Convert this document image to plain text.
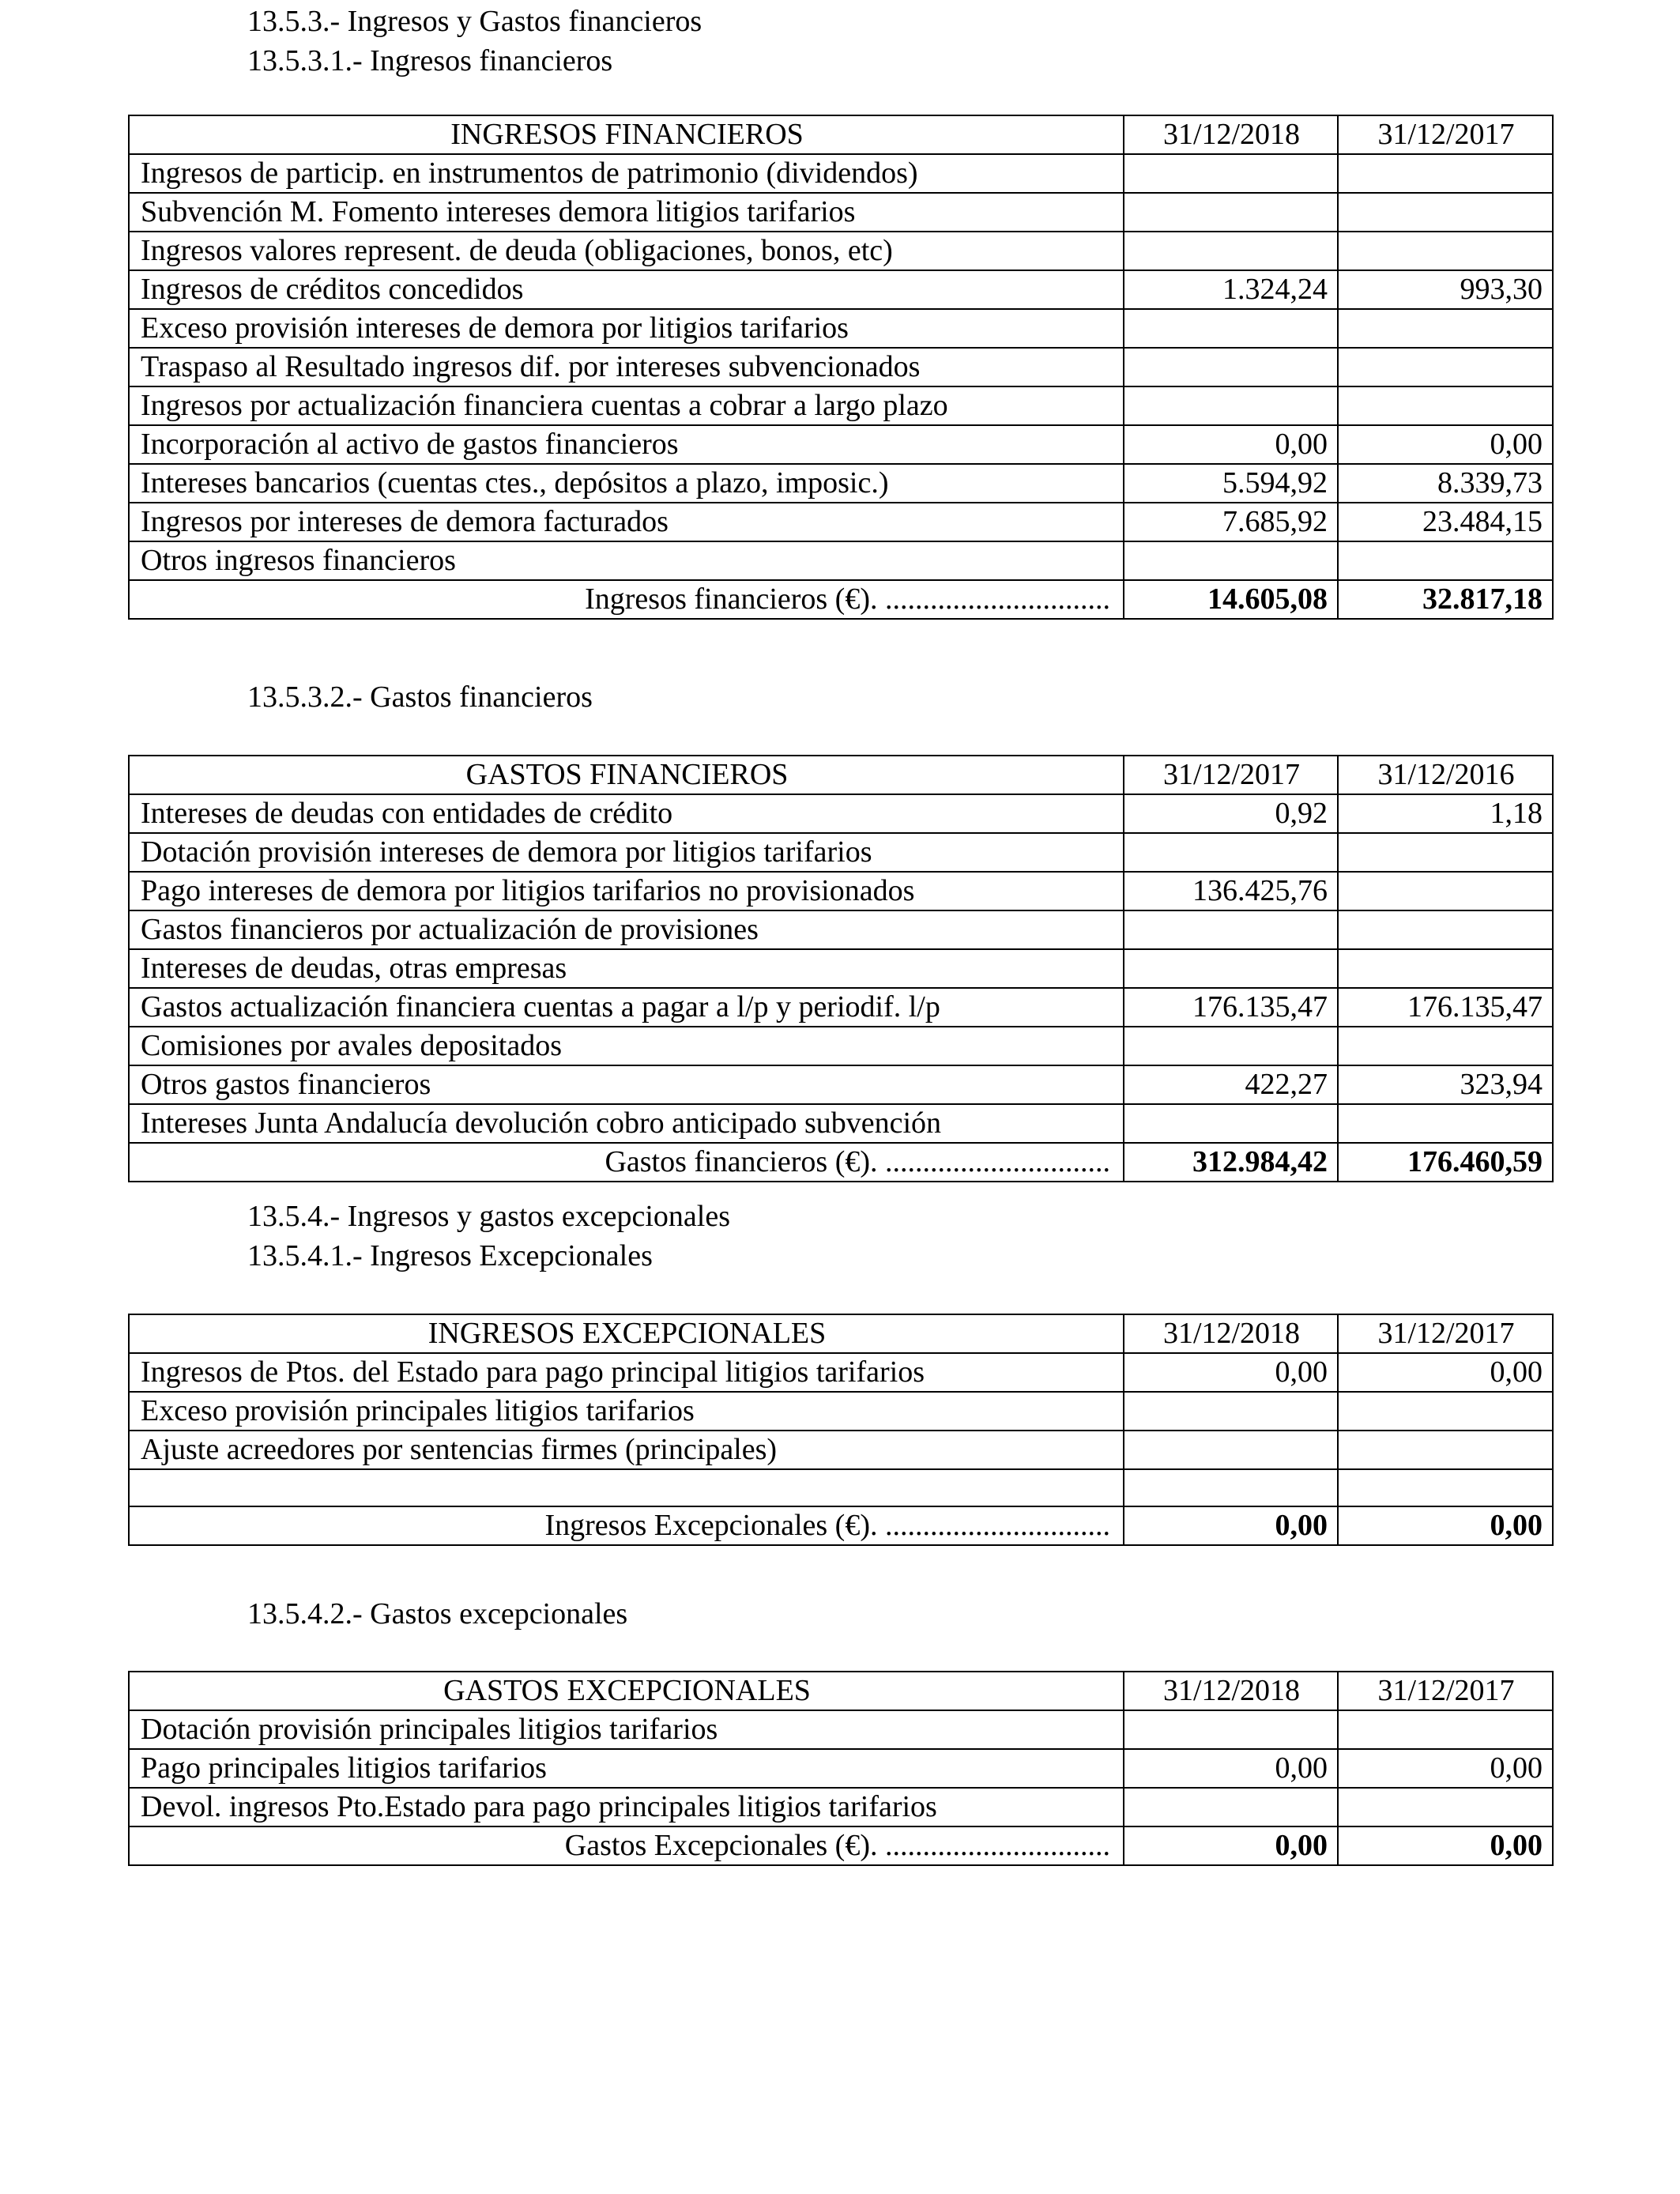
13.5.3.- Ingresos y Gastos financieros
13.5.3.1.- Ingresos financieros
INGRESOS FINANCIEROS	31/12/2018	31/12/2017
Ingresos de particip. en instrumentos de patrimonio (dividendos)		
Subvención M. Fomento intereses demora litigios tarifarios		
Ingresos valores represent. de deuda (obligaciones, bonos, etc)		
Ingresos de créditos concedidos	1.324,24	993,30
Exceso provisión intereses de demora por litigios tarifarios		
Traspaso al Resultado ingresos dif. por intereses subvencionados		
Ingresos por actualización financiera cuentas a cobrar a largo plazo		
Incorporación al activo de gastos financieros	0,00	0,00
Intereses bancarios (cuentas ctes., depósitos a plazo, imposic.)	5.594,92	8.339,73
Ingresos por intereses de demora facturados	7.685,92	23.484,15
Otros ingresos financieros		
Ingresos financieros (€). ..............................	14.605,08	32.817,18
13.5.3.2.- Gastos financieros
GASTOS FINANCIEROS	31/12/2017	31/12/2016
Intereses de deudas con entidades de crédito	0,92	1,18
Dotación provisión intereses de demora por litigios tarifarios		
Pago intereses de demora por litigios tarifarios no provisionados	136.425,76	
Gastos financieros por actualización de provisiones		
Intereses de deudas, otras empresas		
Gastos actualización financiera cuentas a pagar a l/p y periodif. l/p	176.135,47	176.135,47
Comisiones por avales depositados		
Otros gastos financieros	422,27	323,94
Intereses Junta Andalucía devolución cobro anticipado subvención		
Gastos financieros (€). ..............................	312.984,42	176.460,59
13.5.4.- Ingresos y gastos excepcionales
13.5.4.1.- Ingresos Excepcionales
INGRESOS EXCEPCIONALES	31/12/2018	31/12/2017
Ingresos de Ptos. del Estado para pago principal litigios tarifarios	0,00	0,00
Exceso provisión principales litigios tarifarios		
Ajuste acreedores por sentencias firmes (principales)		

Ingresos Excepcionales (€). ..............................	0,00	0,00
13.5.4.2.- Gastos excepcionales
GASTOS EXCEPCIONALES	31/12/2018	31/12/2017
Dotación provisión principales litigios tarifarios		
Pago principales litigios tarifarios	0,00	0,00
Devol. ingresos Pto.Estado para pago principales litigios tarifarios		
Gastos Excepcionales (€). ..............................	0,00	0,00
